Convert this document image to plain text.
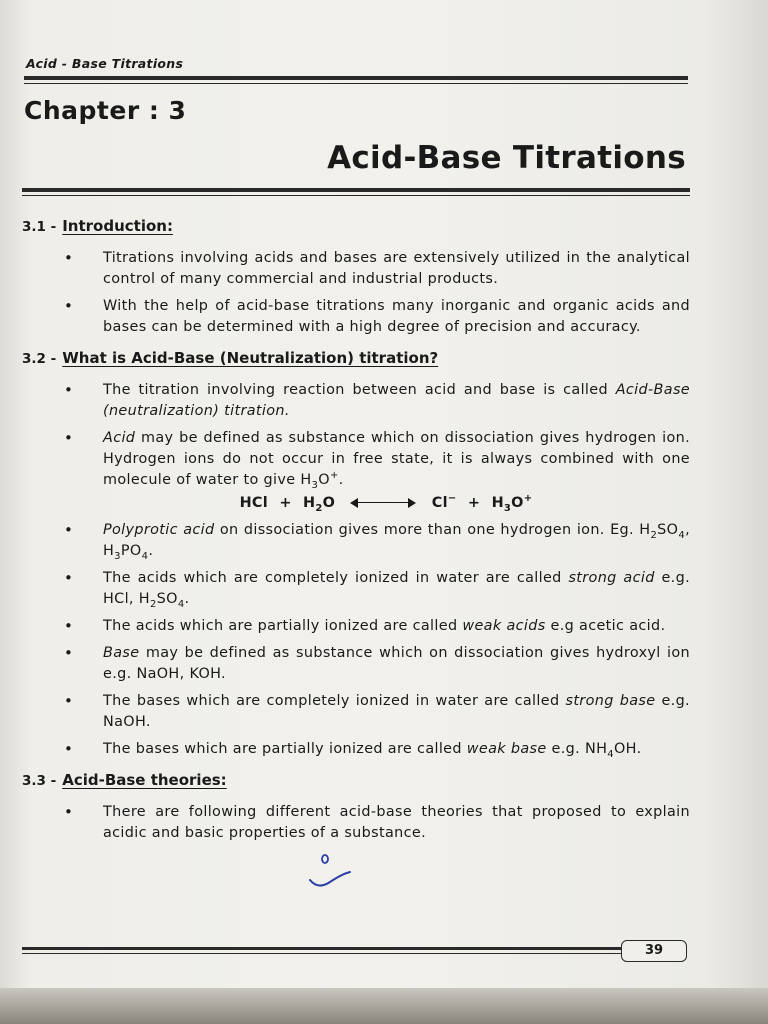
Acid - Base Titrations
Chapter : 3
Acid-Base Titrations
3.1 - Introduction:
• Titrations involving acids and bases are extensively utilized in the analytical control of many commercial and industrial products.
• With the help of acid-base titrations many inorganic and organic acids and bases can be determined with a high degree of precision and accuracy.
3.2 - What is Acid-Base (Neutralization) titration?
• The titration involving reaction between acid and base is called Acid-Base (neutralization) titration.
• Acid may be defined as substance which on dissociation gives hydrogen ion. Hydrogen ions do not occur in free state, it is always combined with one molecule of water to give $H_3O^+$.
HCl + $H_2O$	$Cl^- + H_3O^+$
• Polyprotic acid on dissociation gives more than one hydrogen ion. Eg. $H_2SO_4$, $H_3PO_4$.
• The acids which are completely ionized in water are called strong acid e.g. HCl, $H_2SO_4$.
• The acids which are partially ionized are called weak acids e.g acetic acid.
• Base may be defined as substance which on dissociation gives hydroxyl ion e.g. NaOH, KOH.
• The bases which are completely ionized in water are called strong base e.g. NaOH.
• The bases which are partially ionized are called weak base e.g. $NH_4OH$.
3.3 - Acid-Base theories:
• There are following different acid-base theories that proposed to explain acidic and basic properties of a substance.
39
